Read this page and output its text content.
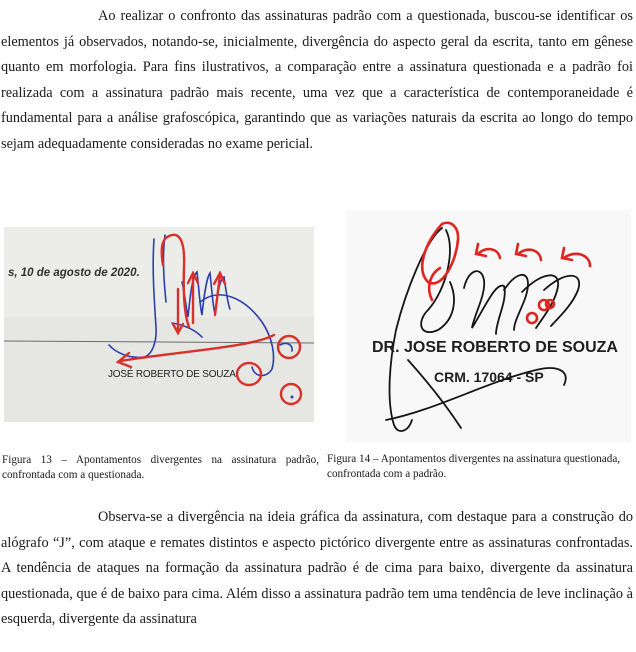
Ao realizar o confronto das assinaturas padrão com a questionada, buscou-se identificar os elementos já observados, notando-se, inicialmente, divergência do aspecto geral da escrita, tanto em gênese quanto em morfologia. Para fins ilustrativos, a comparação entre a assinatura questionada e a padrão foi realizada com a assinatura padrão mais recente, uma vez que a característica de contemporaneidade é fundamental para a análise grafoscópica, garantindo que as variações naturais da escrita ao longo do tempo sejam adequadamente consideradas no exame pericial.

s, 10 de agosto de 2020.
JOSÉ ROBERTO DE SOUZA
DR. JOSE ROBERTO DE SOUZA
CRM. 17064 - SP

Figura 13 – Apontamentos divergentes na assinatura padrão, confrontada com a questionada.

Figura 14 – Apontamentos divergentes na assinatura questionada, confrontada com a padrão.

Observa-se a divergência na ideia gráfica da assinatura, com destaque para a construção do alógrafo “J”, com ataque e remates distintos e aspecto pictórico divergente entre as assinaturas confrontadas. A tendência de ataques na formação da assinatura padrão é de cima para baixo, divergente da assinatura questionada, que é de baixo para cima. Além disso a assinatura padrão tem uma tendência de leve inclinação à esquerda, divergente da assinatura
